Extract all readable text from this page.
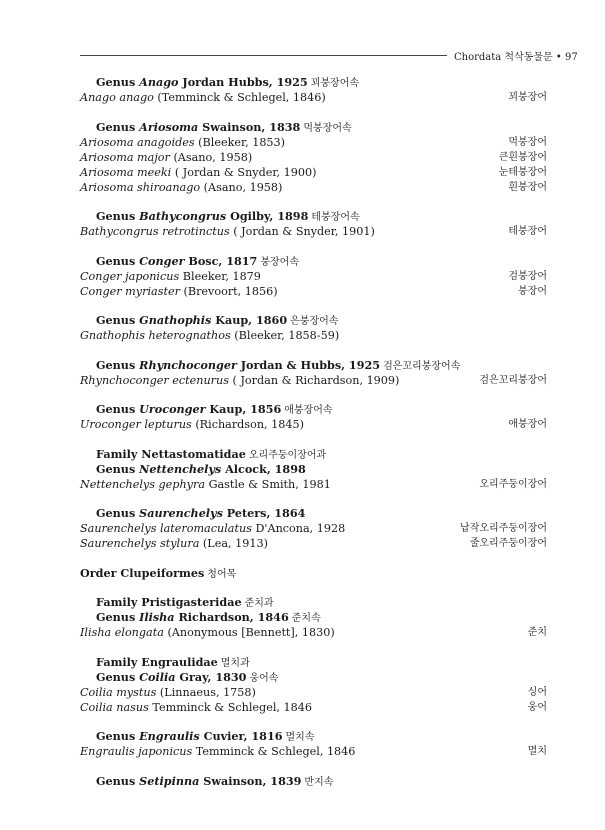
Chordata 척삭동물문 • 97
Genus Anago Jordan Hubbs, 1925 꾀붕장어속
Anago anago (Temminck & Schlegel, 1846)	꾀붕장어
Genus Ariosoma Swainson, 1838 먹붕장어속
Ariosoma anagoides (Bleeker, 1853)	먹붕장어
Ariosoma major (Asano, 1958)	큰흰붕장어
Ariosoma meeki ( Jordan & Snyder, 1900)	눈테붕장어
Ariosoma shiroanago (Asano, 1958)	흰붕장어
Genus Bathycongrus Ogilby, 1898 테붕장어속
Bathycongrus retrotinctus ( Jordan & Snyder, 1901)	테붕장어
Genus Conger Bosc, 1817 붕장어속
Conger japonicus Bleeker, 1879	검붕장어
Conger myriaster (Brevoort, 1856)	붕장어
Genus Gnathophis Kaup, 1860 은붕장어속
Gnathophis heterognathos (Bleeker, 1858-59)
Genus Rhynchoconger Jordan & Hubbs, 1925 검은꼬리붕장어속
Rhynchoconger ectenurus ( Jordan & Richardson, 1909)	검은꼬리붕장어
Genus Uroconger Kaup, 1856 애붕장어속
Uroconger lepturus (Richardson, 1845)	애붕장어
Family Nettastomatidae 오리주둥이장어과
Genus Nettenchelys Alcock, 1898
Nettenchelys gephyra Gastle & Smith, 1981	오리주둥이장어
Genus Saurenchelys Peters, 1864
Saurenchelys lateromaculatus D'Ancona, 1928	납작오리주둥이장어
Saurenchelys stylura (Lea, 1913)	줄오리주둥이장어
Order Clupeiformes 청어목
Family Pristigasteridae 준치과
Genus Ilisha Richardson, 1846 준치속
Ilisha elongata (Anonymous [Bennett], 1830)	준치
Family Engraulidae 멸치과
Genus Coilia Gray, 1830 웅어속
Coilia mystus (Linnaeus, 1758)	싱어
Coilia nasus Temminck & Schlegel, 1846	웅어
Genus Engraulis Cuvier, 1816 멸치속
Engraulis japonicus Temminck & Schlegel, 1846	멸치
Genus Setipinna Swainson, 1839 반지속
